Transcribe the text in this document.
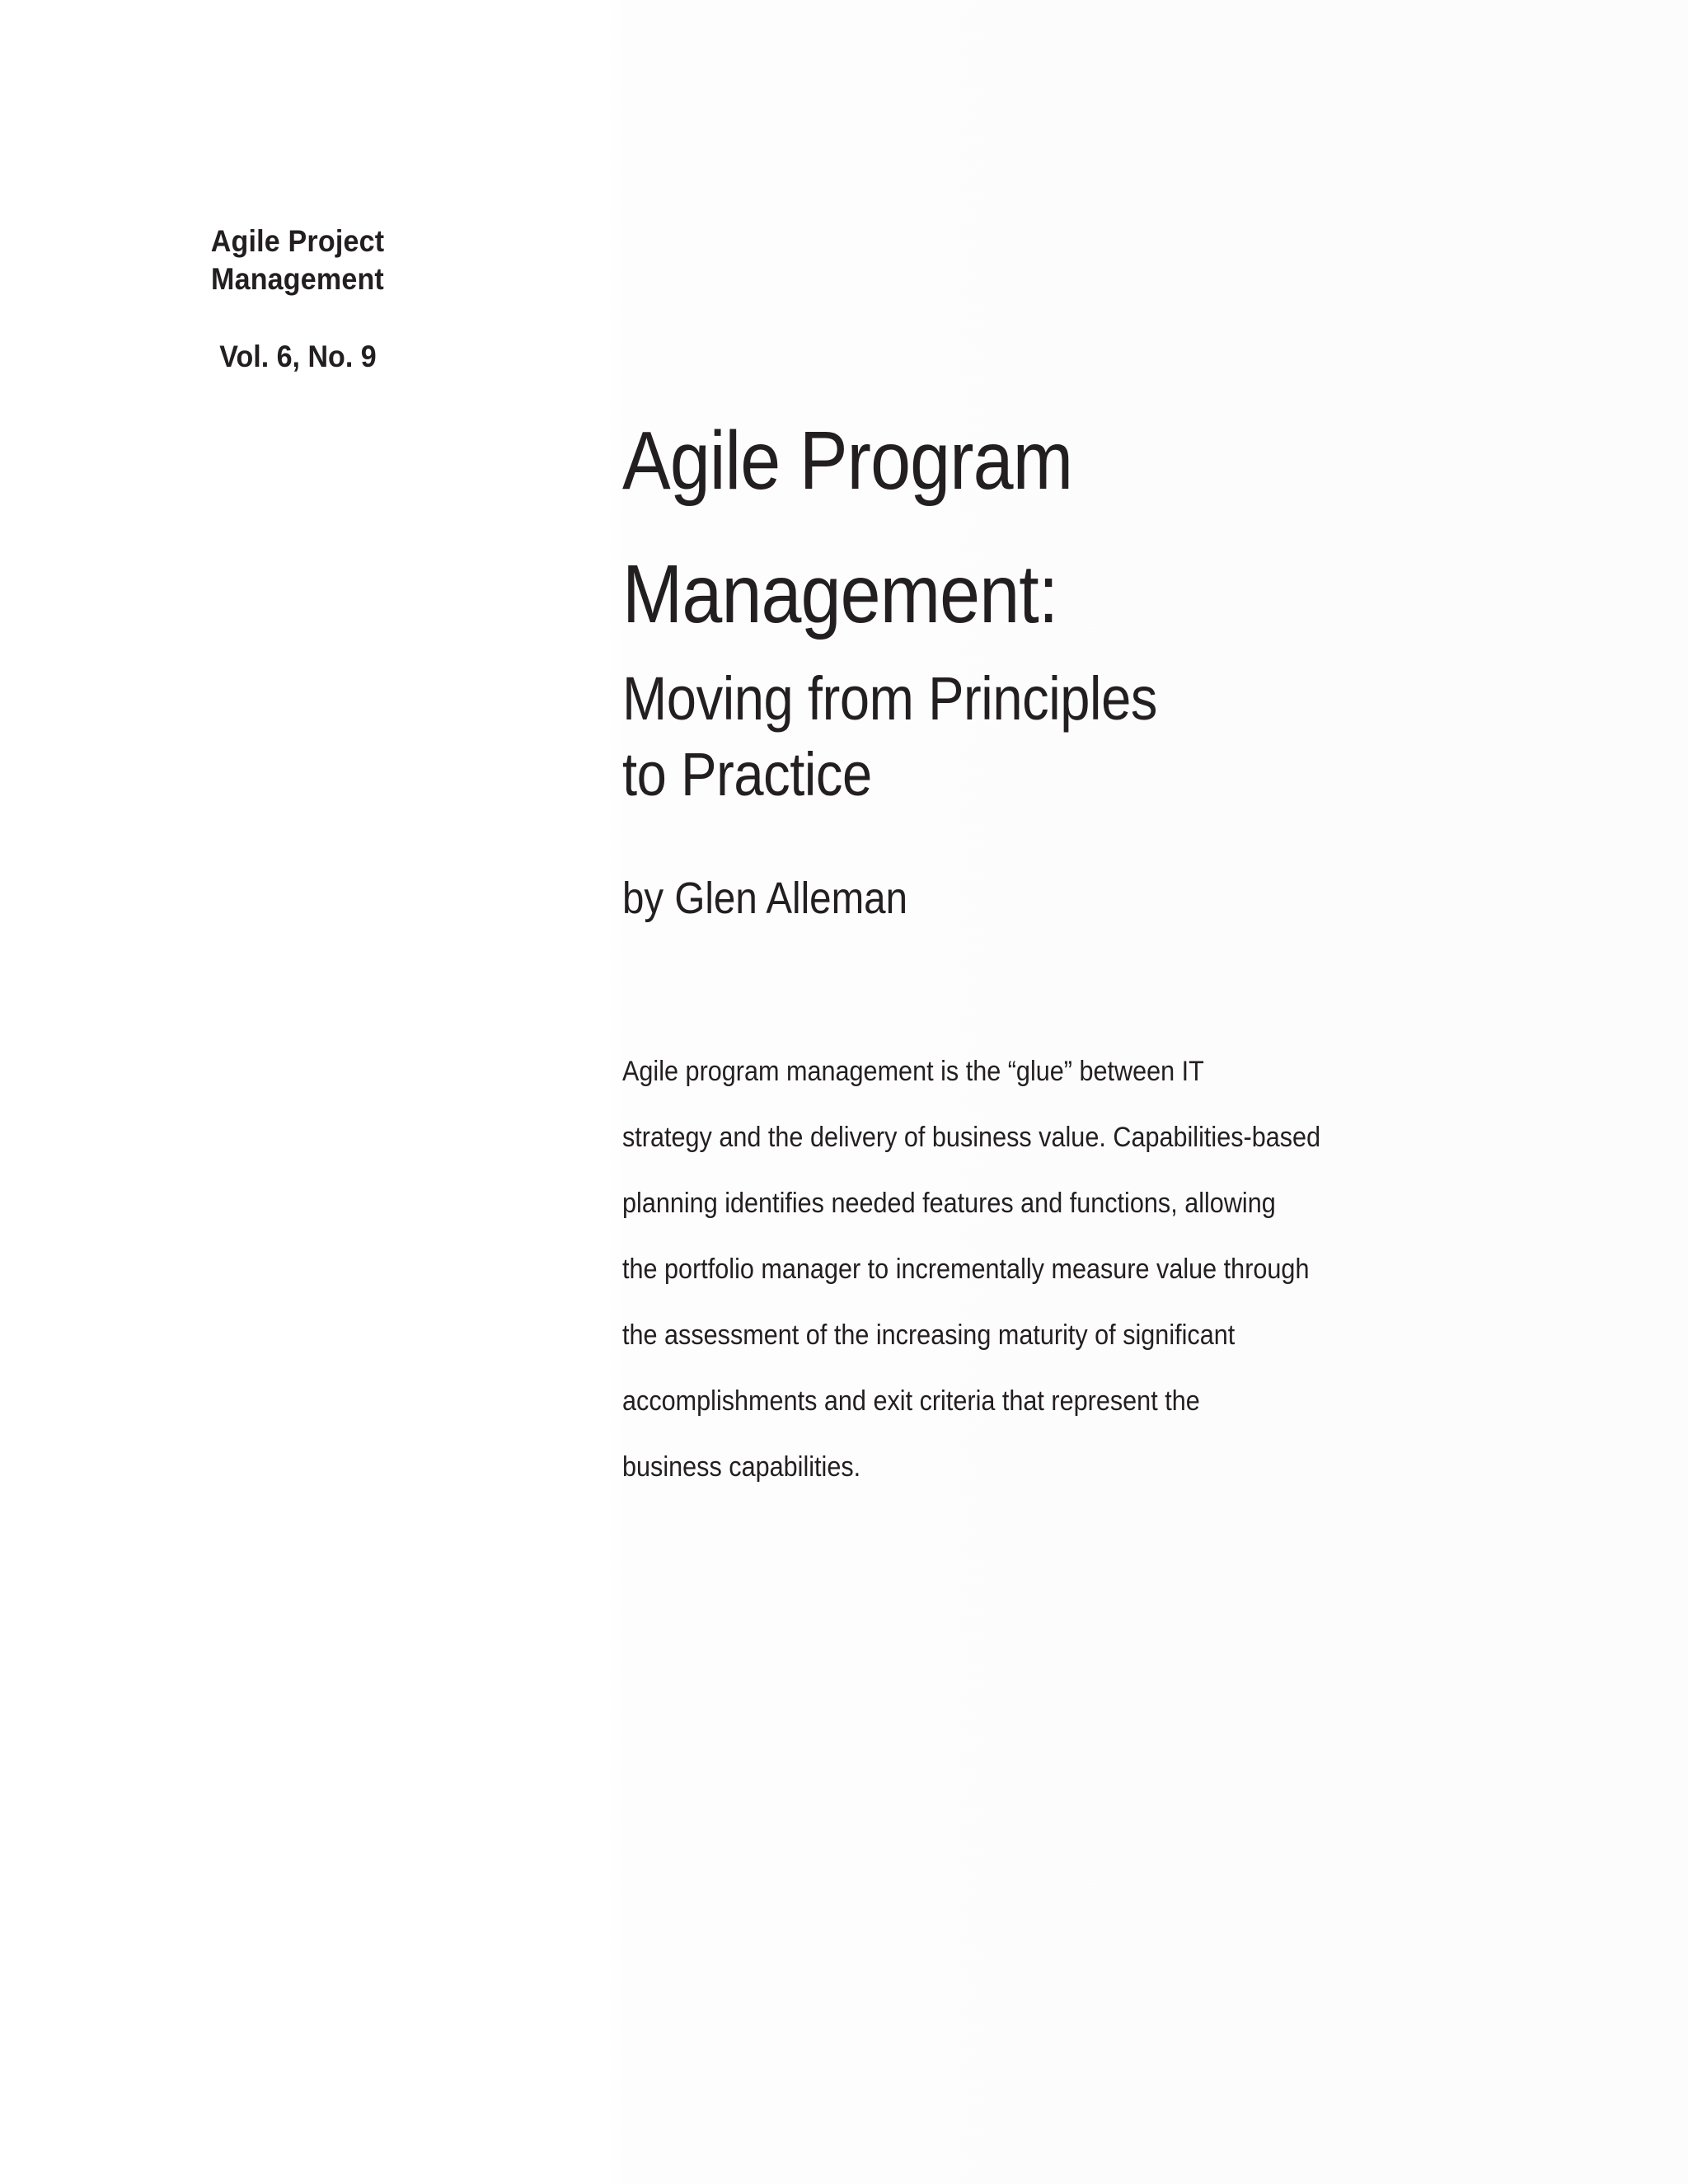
Agile Project
Management
Vol. 6, No. 9
Agile Program
Management:
Moving from Principles
to Practice
by Glen Alleman
Agile program management is the “glue” between IT
strategy and the delivery of business value. Capabilities-based
planning identifies needed features and functions, allowing
the portfolio manager to incrementally measure value through
the assessment of the increasing maturity of significant
accomplishments and exit criteria that represent the
business capabilities.
